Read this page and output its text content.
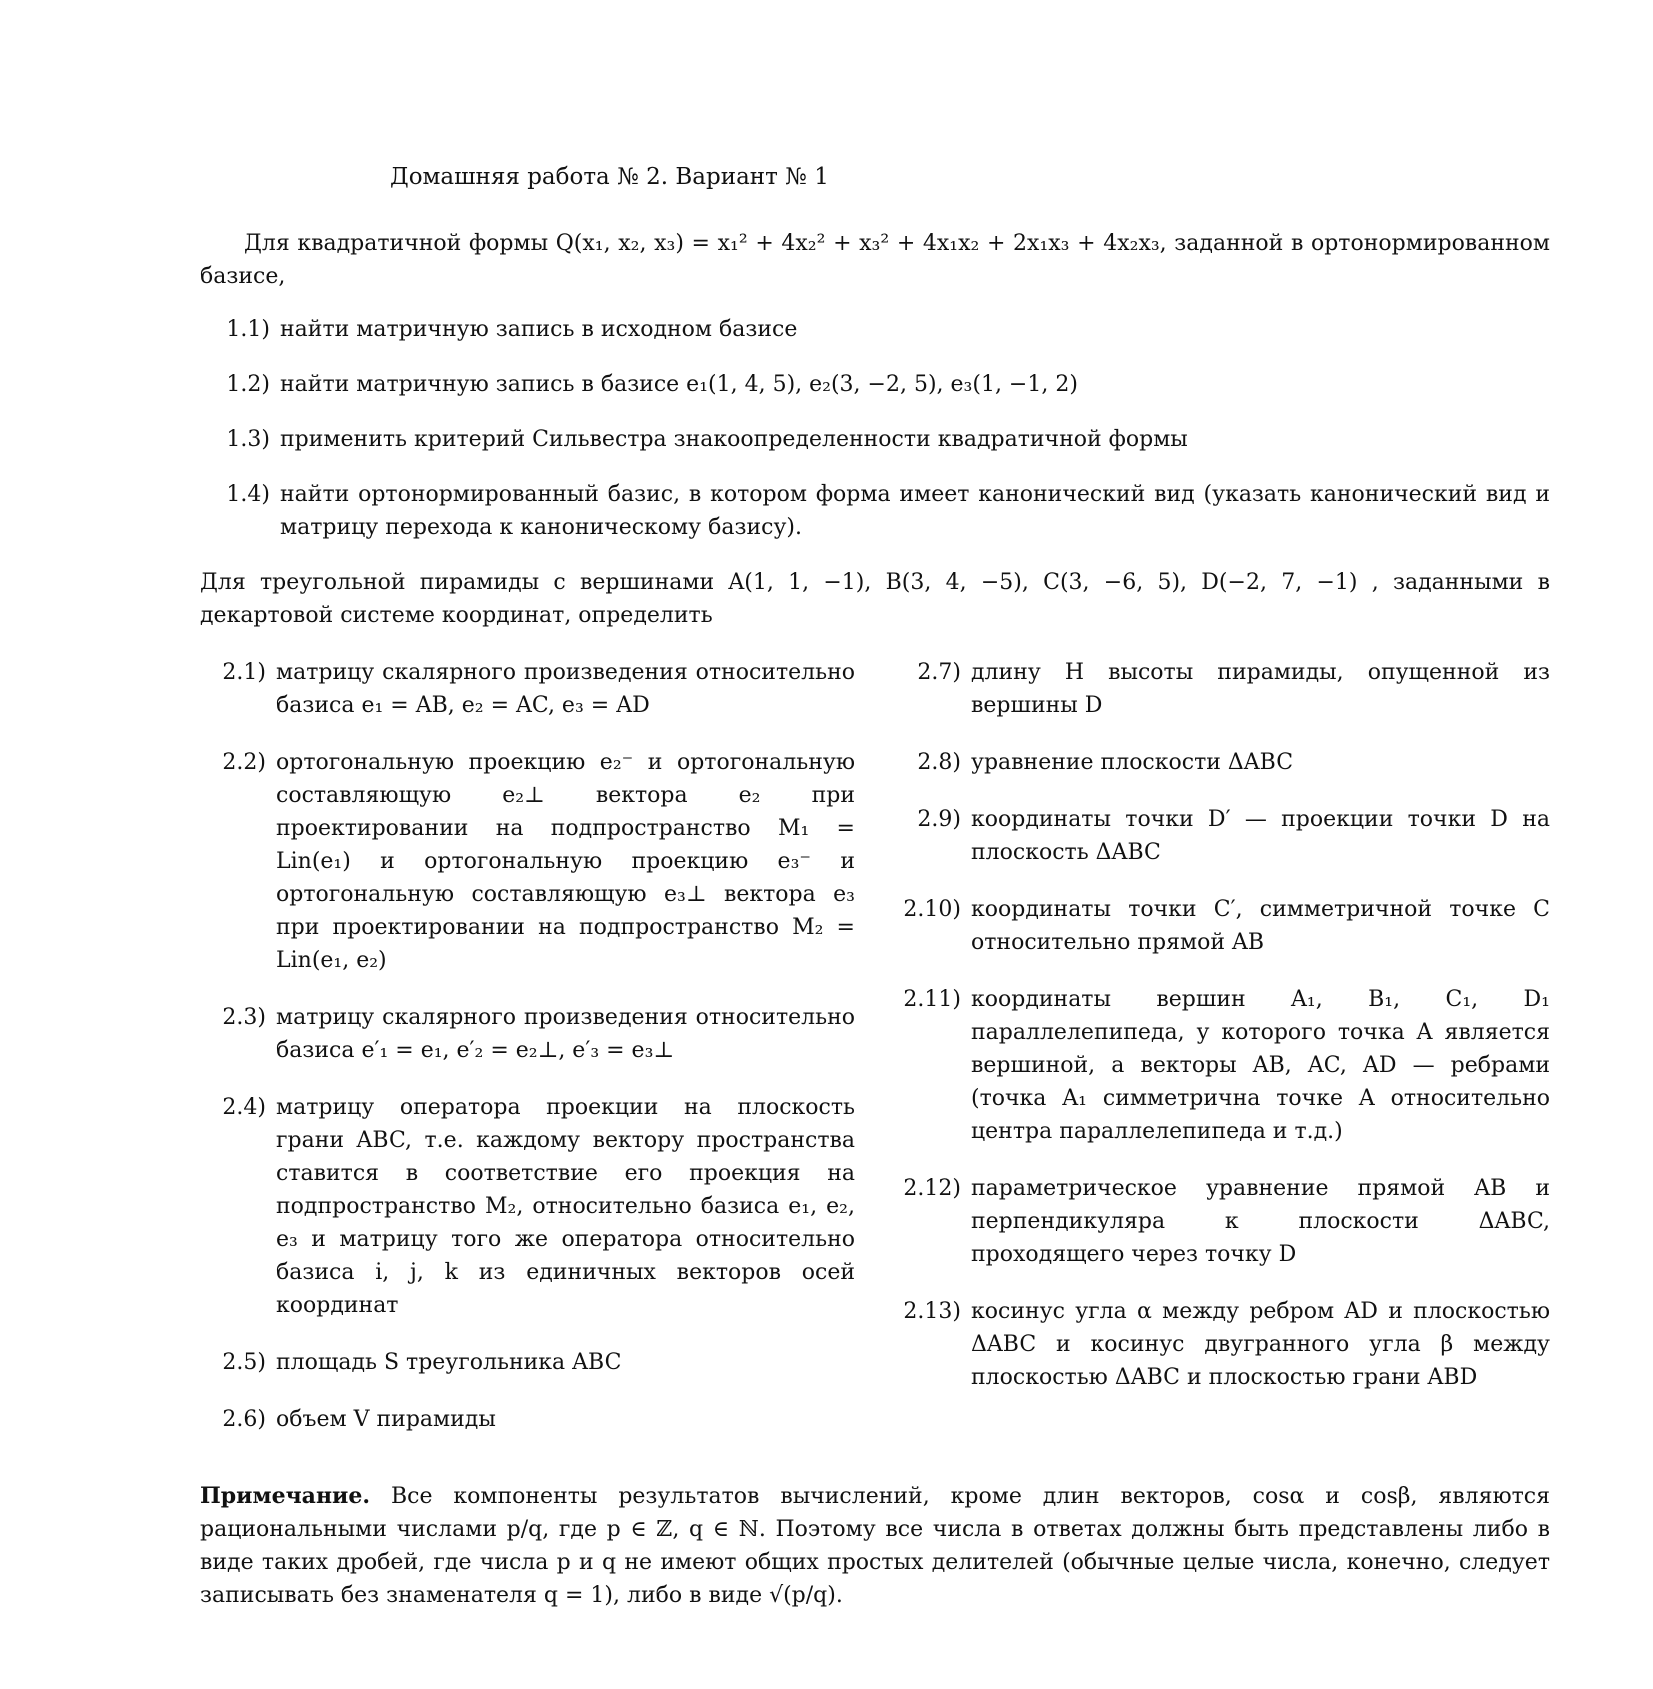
Домашняя работа № 2. Вариант № 1
Для квадратичной формы Q(x₁, x₂, x₃) = x₁² + 4x₂² + x₃² + 4x₁x₂ + 2x₁x₃ + 4x₂x₃, заданной в ортонормированном базисе,
1.1) найти матричную запись в исходном базисе
1.2) найти матричную запись в базисе e₁(1, 4, 5), e₂(3, −2, 5), e₃(1, −1, 2)
1.3) применить критерий Сильвестра знакоопределенности квадратичной формы
1.4) найти ортонормированный базис, в котором форма имеет канонический вид (указать канонический вид и матрицу перехода к каноническому базису).
Для треугольной пирамиды с вершинами A(1, 1, −1), B(3, 4, −5), C(3, −6, 5), D(−2, 7, −1) , заданными в декартовой системе координат, определить
2.1) матрицу скалярного произведения относительно базиса e₁ = AB, e₂ = AC, e₃ = AD
2.2) ортогональную проекцию e₂⁻ и ортогональную составляющую e₂⊥ вектора e₂ при проектировании на подпространство M₁ = Lin(e₁) и ортогональную проекцию e₃⁻ и ортогональную составляющую e₃⊥ вектора e₃ при проектировании на подпространство M₂ = Lin(e₁, e₂)
2.3) матрицу скалярного произведения относительно базиса e′₁ = e₁, e′₂ = e₂⊥, e′₃ = e₃⊥
2.4) матрицу оператора проекции на плоскость грани ABC, т.е. каждому вектору пространства ставится в соответствие его проекция на подпространство M₂, относительно базиса e₁, e₂, e₃ и матрицу того же оператора относительно базиса i, j, k из единичных векторов осей координат
2.5) площадь S треугольника ABC
2.6) объем V пирамиды
2.7) длину H высоты пирамиды, опущенной из вершины D
2.8) уравнение плоскости ΔABC
2.9) координаты точки D′ — проекции точки D на плоскость ΔABC
2.10) координаты точки C′, симметричной точке C относительно прямой AB
2.11) координаты вершин A₁, B₁, C₁, D₁ параллелепипеда, у которого точка A является вершиной, а векторы AB, AC, AD — ребрами (точка A₁ симметрична точке A относительно центра параллелепипеда и т.д.)
2.12) параметрическое уравнение прямой AB и перпендикуляра к плоскости ΔABC, проходящего через точку D
2.13) косинус угла α между ребром AD и плоскостью ΔABC и косинус двугранного угла β между плоскостью ΔABC и плоскостью грани ABD
Примечание. Все компоненты результатов вычислений, кроме длин векторов, cosα и cosβ, являются рациональными числами p/q, где p ∈ ℤ, q ∈ ℕ. Поэтому все числа в ответах должны быть представлены либо в виде таких дробей, где числа p и q не имеют общих простых делителей (обычные целые числа, конечно, следует записывать без знаменателя q = 1), либо в виде √(p/q).
